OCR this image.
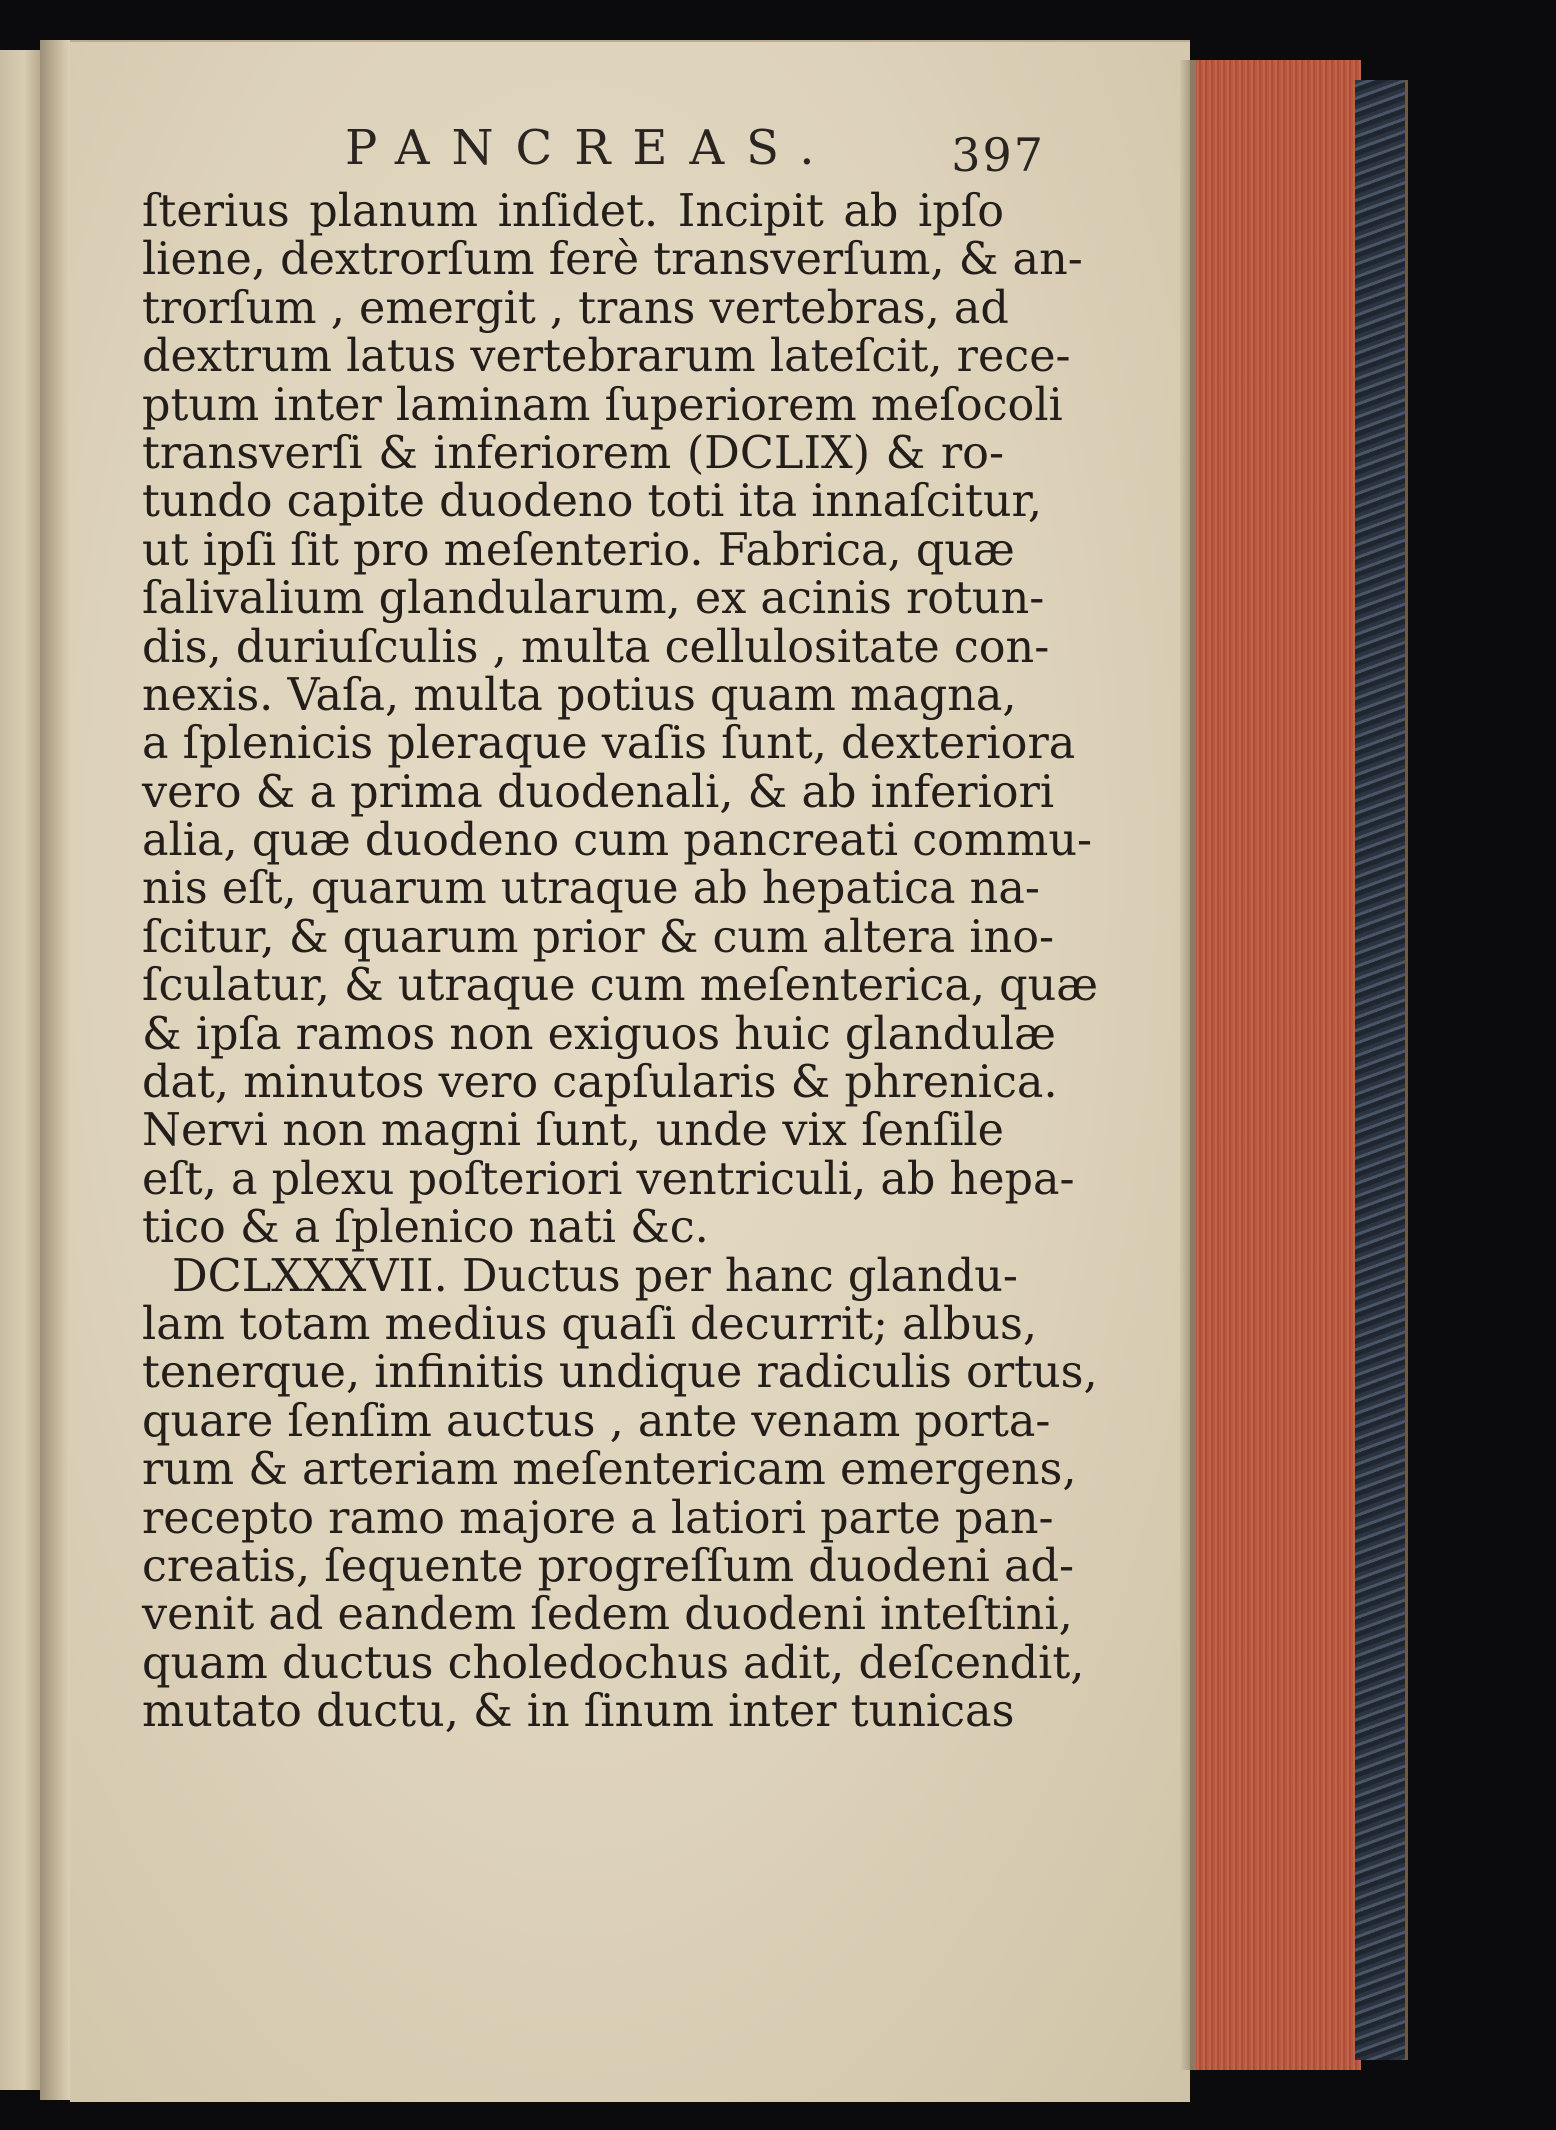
PANCREAS. 397
ſterius planum inſidet. Incipit ab ipſo
liene, dextrorſum ferè transverſum, & an-
trorſum , emergit , trans vertebras, ad
dextrum latus vertebrarum lateſcit, rece-
ptum inter laminam ſuperiorem meſocoli
transverſi & inferiorem (DCLIX) & ro-
tundo capite duodeno toti ita innaſcitur,
ut ipſi ſit pro meſenterio. Fabrica, quæ
ſalivalium glandularum, ex acinis rotun-
dis, duriuſculis , multa cellulositate con-
nexis. Vaſa, multa potius quam magna,
a ſplenicis pleraque vaſis ſunt, dexteriora
vero & a prima duodenali, & ab inferiori
alia, quæ duodeno cum pancreati commu-
nis eſt, quarum utraque ab hepatica na-
ſcitur, & quarum prior & cum altera ino-
ſculatur, & utraque cum meſenterica, quæ
& ipſa ramos non exiguos huic glandulæ
dat, minutos vero capſularis & phrenica.
Nervi non magni ſunt, unde vix ſenſile
eſt, a plexu poſteriori ventriculi, ab hepa-
tico & a ſplenico nati &c.
DCLXXXVII. Ductus per hanc glandu-
lam totam medius quaſi decurrit; albus,
tenerque, infinitis undique radiculis ortus,
quare ſenſim auctus , ante venam porta-
rum & arteriam meſentericam emergens,
recepto ramo majore a latiori parte pan-
creatis, ſequente progreſſum duodeni ad-
venit ad eandem ſedem duodeni inteſtini,
quam ductus choledochus adit, deſcendit,
mutato ductu, & in ſinum inter tunicas
